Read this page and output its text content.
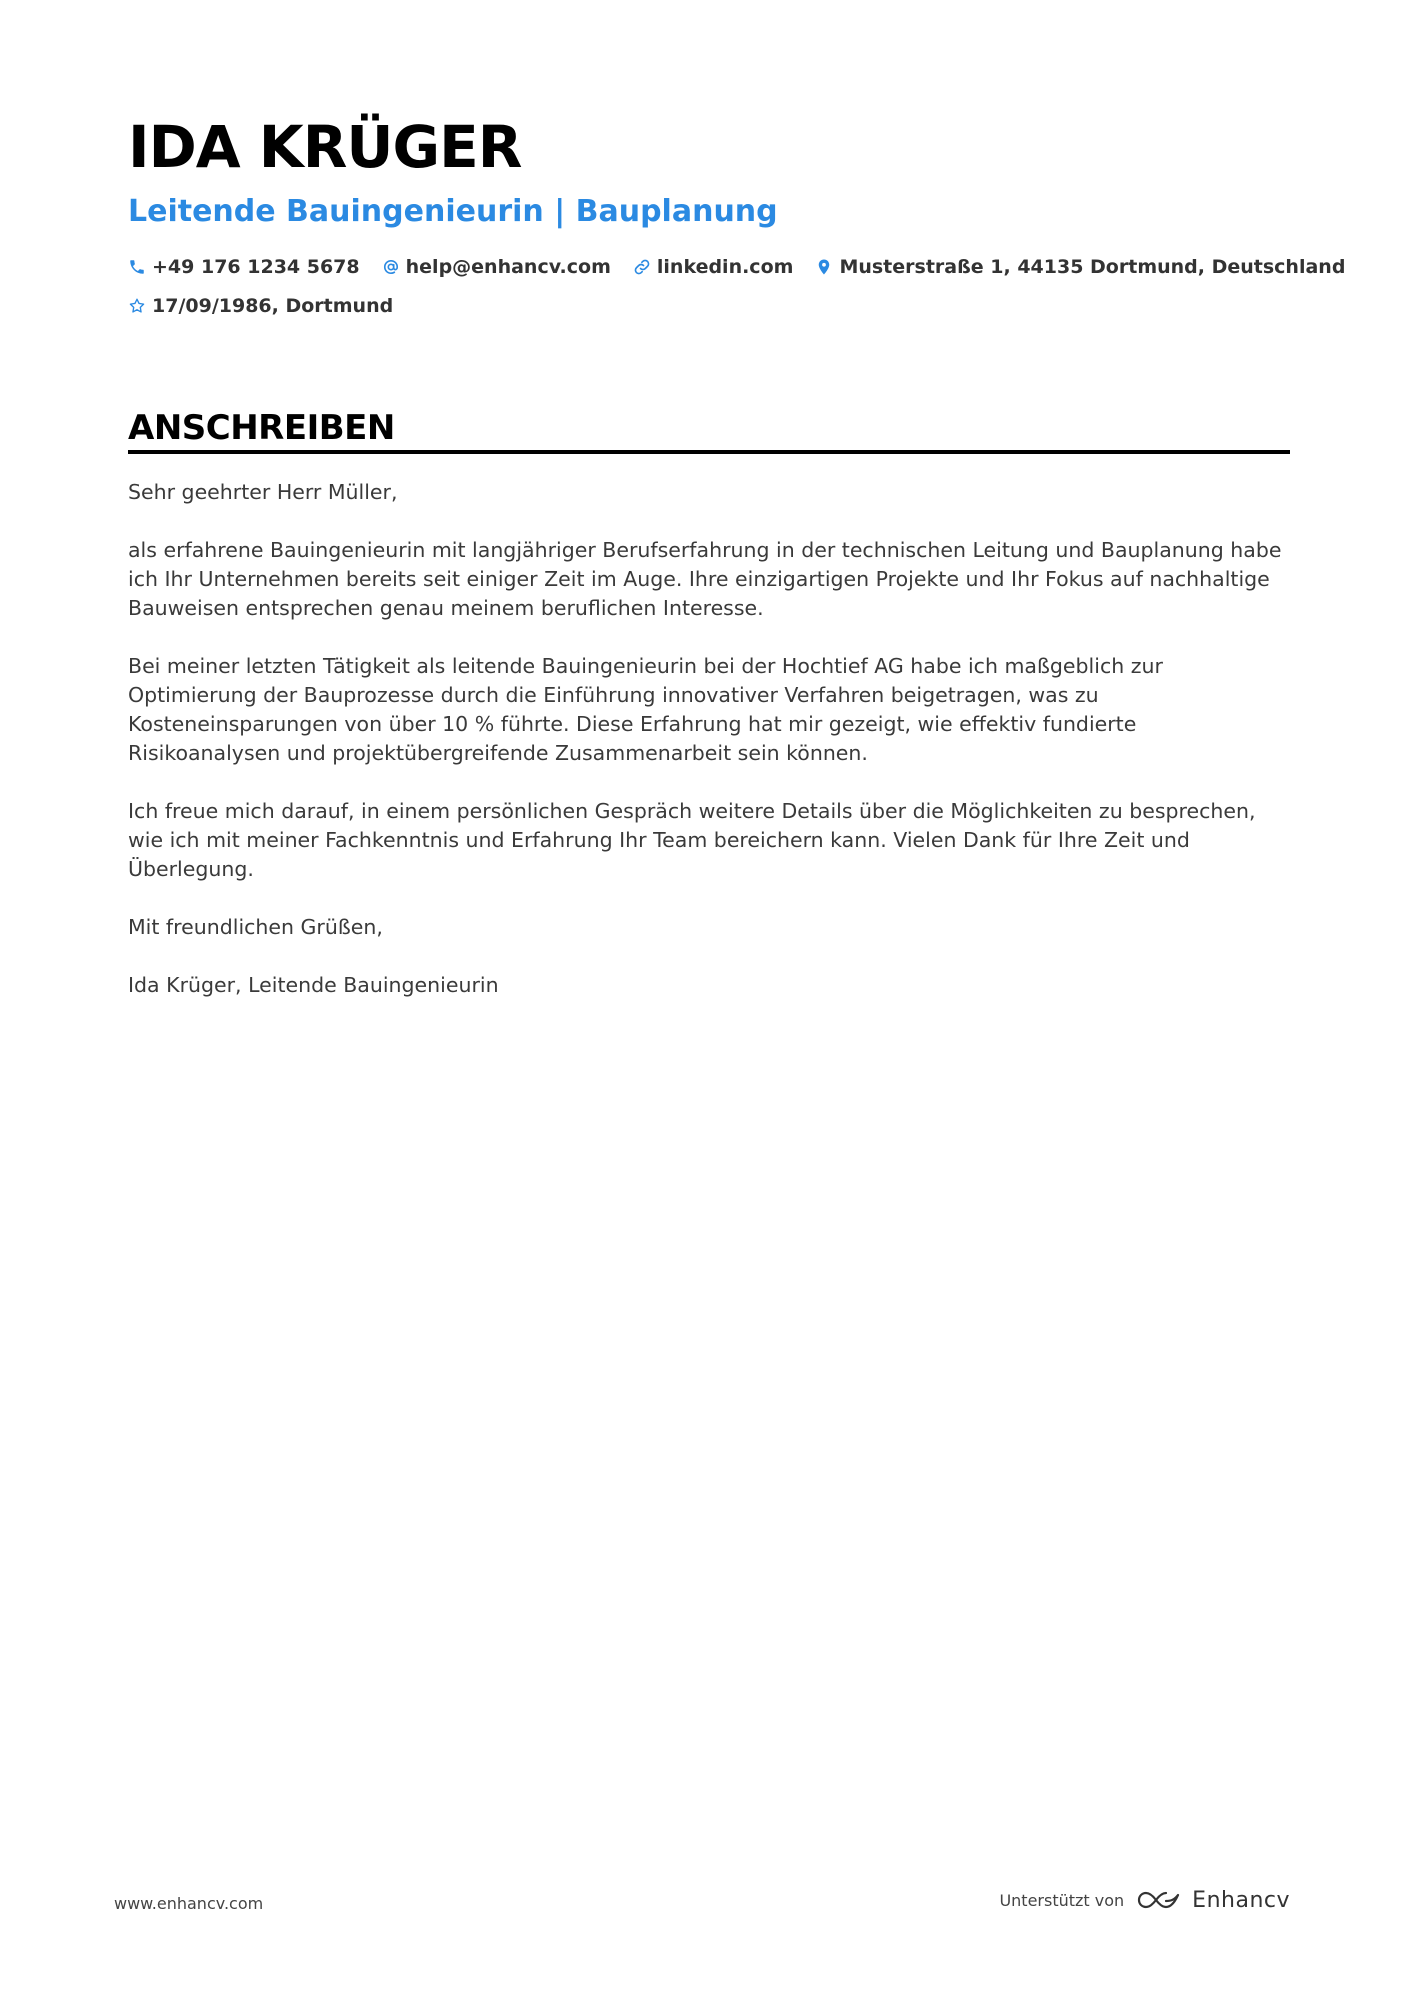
IDA KRÜGER
Leitende Bauingenieurin | Bauplanung
+49 176 1234 5678 help@enhancv.com linkedin.com Musterstraße 1, 44135 Dortmund, Deutschland
17/09/1986, Dortmund
ANSCHREIBEN

Sehr geehrter Herr Müller,

als erfahrene Bauingenieurin mit langjähriger Berufserfahrung in der technischen Leitung und Bauplanung habe ich Ihr Unternehmen bereits seit einiger Zeit im Auge. Ihre einzigartigen Projekte und Ihr Fokus auf nachhaltige Bauweisen entsprechen genau meinem beruflichen Interesse.

Bei meiner letzten Tätigkeit als leitende Bauingenieurin bei der Hochtief AG habe ich maßgeblich zur Optimierung der Bauprozesse durch die Einführung innovativer Verfahren beigetragen, was zu Kosteneinsparungen von über 10 % führte. Diese Erfahrung hat mir gezeigt, wie effektiv fundierte Risikoanalysen und projektübergreifende Zusammenarbeit sein können.

Ich freue mich darauf, in einem persönlichen Gespräch weitere Details über die Möglichkeiten zu besprechen, wie ich mit meiner Fachkenntnis und Erfahrung Ihr Team bereichern kann. Vielen Dank für Ihre Zeit und Überlegung.

Mit freundlichen Grüßen,

Ida Krüger, Leitende Bauingenieurin

www.enhancv.com	Unterstützt von	Enhancv
